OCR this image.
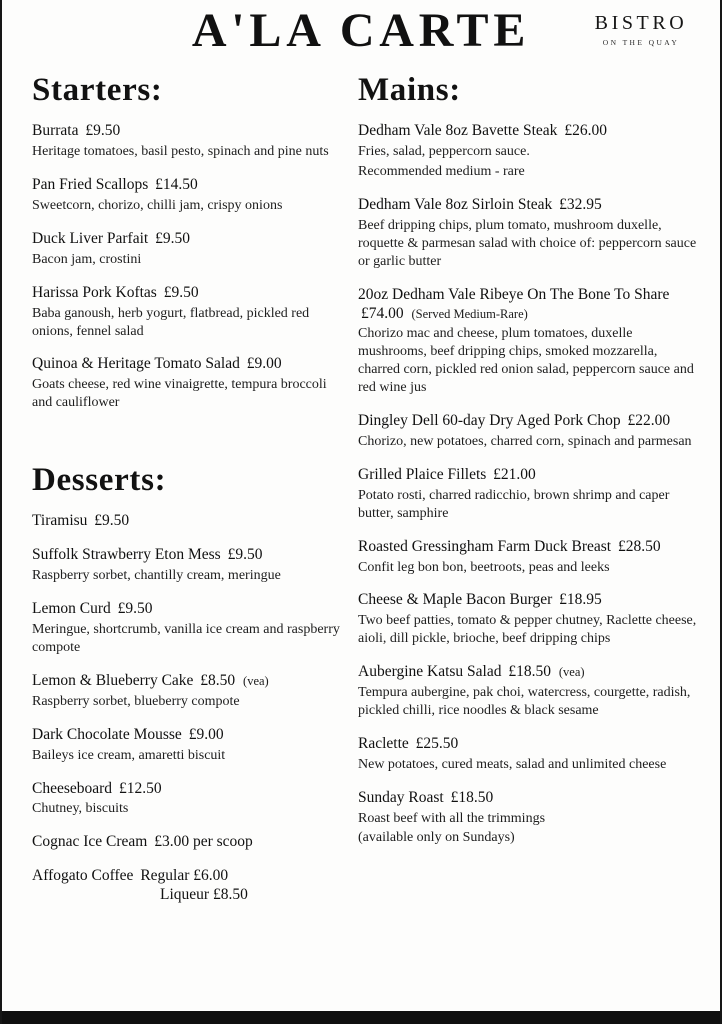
A'LA CARTE	BISTRO
ON THE QUAY
Starters:
Burrata £9.50
Heritage tomatoes, basil pesto, spinach and pine nuts
Pan Fried Scallops £14.50
Sweetcorn, chorizo, chilli jam, crispy onions
Duck Liver Parfait £9.50
Bacon jam, crostini
Harissa Pork Koftas £9.50
Baba ganoush, herb yogurt, flatbread, pickled red onions, fennel salad
Quinoa & Heritage Tomato Salad £9.00
Goats cheese, red wine vinaigrette, tempura broccoli and cauliflower
Desserts:
Tiramisu £9.50
Suffolk Strawberry Eton Mess £9.50
Raspberry sorbet, chantilly cream, meringue
Lemon Curd £9.50
Meringue, shortcrumb, vanilla ice cream and raspberry compote
Lemon & Blueberry Cake £8.50 (vea)
Raspberry sorbet, blueberry compote
Dark Chocolate Mousse £9.00
Baileys ice cream, amaretti biscuit
Cheeseboard £12.50
Chutney, biscuits
Cognac Ice Cream £3.00 per scoop
Affogato Coffee Regular £6.00
Liqueur £8.50
Mains:
Dedham Vale 8oz Bavette Steak £26.00
Fries, salad, peppercorn sauce.
Recommended medium - rare
Dedham Vale 8oz Sirloin Steak £32.95
Beef dripping chips, plum tomato, mushroom duxelle, roquette & parmesan salad with choice of: peppercorn sauce or garlic butter
20oz Dedham Vale Ribeye On The Bone To Share £74.00 (Served Medium-Rare)
Chorizo mac and cheese, plum tomatoes, duxelle mushrooms, beef dripping chips, smoked mozzarella, charred corn, pickled red onion salad, peppercorn sauce and red wine jus
Dingley Dell 60-day Dry Aged Pork Chop £22.00
Chorizo, new potatoes, charred corn, spinach and parmesan
Grilled Plaice Fillets £21.00
Potato rosti, charred radicchio, brown shrimp and caper butter, samphire
Roasted Gressingham Farm Duck Breast £28.50
Confit leg bon bon, beetroots, peas and leeks
Cheese & Maple Bacon Burger £18.95
Two beef patties, tomato & pepper chutney, Raclette cheese, aioli, dill pickle, brioche, beef dripping chips
Aubergine Katsu Salad £18.50 (vea)
Tempura aubergine, pak choi, watercress, courgette, radish, pickled chilli, rice noodles & black sesame
Raclette £25.50
New potatoes, cured meats, salad and unlimited cheese
Sunday Roast £18.50
Roast beef with all the trimmings
(available only on Sundays)
